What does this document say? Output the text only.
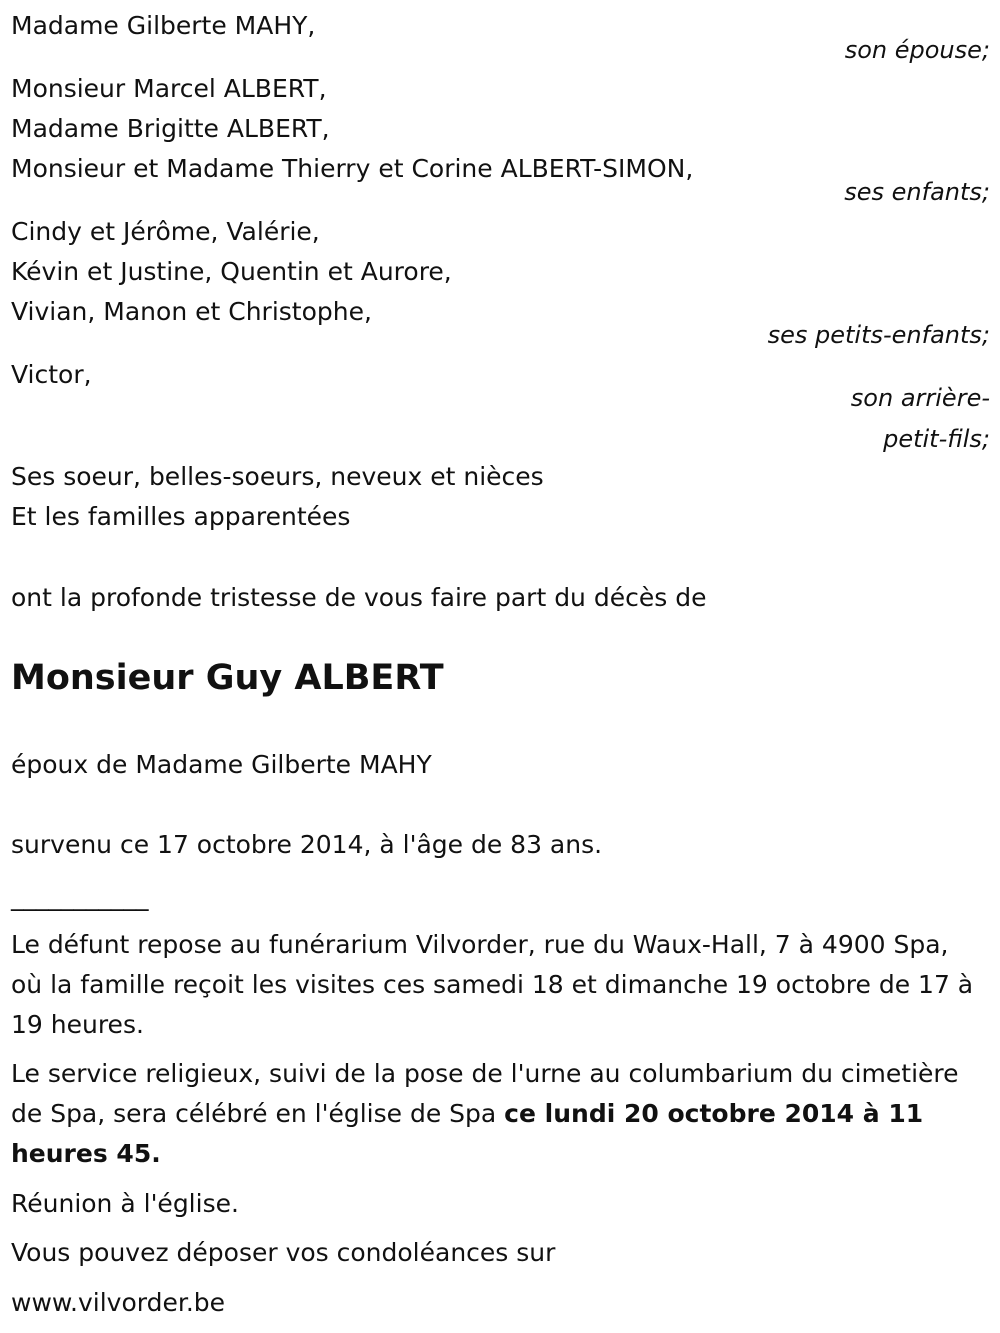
Madame Gilberte MAHY,
son épouse;
Monsieur Marcel ALBERT,
Madame Brigitte ALBERT,
Monsieur et Madame Thierry et Corine ALBERT-SIMON,
ses enfants;
Cindy et Jérôme, Valérie,
Kévin et Justine, Quentin et Aurore,
Vivian, Manon et Christophe,
ses petits-enfants;
Victor,
son arrière-
petit-fils;
Ses soeur, belles-soeurs, neveux et nièces
Et les familles apparentées
ont la profonde tristesse de vous faire part du décès de
Monsieur Guy ALBERT
époux de Madame Gilberte MAHY
survenu ce 17 octobre 2014, à l'âge de 83 ans.
___________
Le défunt repose au funérarium Vilvorder, rue du Waux-Hall, 7 à 4900 Spa, où la famille reçoit les visites ces samedi 18 et dimanche 19 octobre de 17 à 19 heures.
Le service religieux, suivi de la pose de l'urne au columbarium du cimetière de Spa, sera célébré en l'église de Spa ce lundi 20 octobre 2014 à 11 heures 45.
Réunion à l'église.
Vous pouvez déposer vos condoléances sur
www.vilvorder.be
